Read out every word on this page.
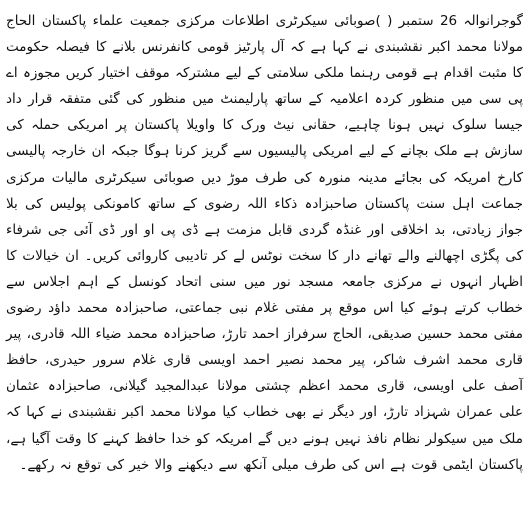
گوجرانوالہ 26 ستمبر ( )صوبائی سیکرٹری اطلاعات مرکزی جمعیت علماء پاکستان الحاج مولانا محمد اکبر نقشبندی نے کہا ہے کہ آل پارٹیز قومی کانفرنس بلانے کا فیصلہ حکومت کا مثبت اقدام ہے قومی رہنما ملکی سلامتی کے لیے مشترکہ موقف اختیار کریں مجوزہ اے پی سی میں منظور کردہ اعلامیہ کے ساتھ پارلیمنٹ میں منظور کی گئی متفقہ قرار داد جیسا سلوک نہیں ہونا چاہیے، حقانی نیٹ ورک کا واویلا پاکستان پر امریکی حملہ کی سازش ہے ملک بچانے کے لیے امریکی پالیسیوں سے گریز کرنا ہوگا جبکہ ان خارجہ پالیسی کارخ امریکہ کی بجائے مدینہ منورہ کی طرف موڑ دیں صوبائی سیکرٹری مالیات مرکزی جماعت اہل سنت پاکستان صاحبزادہ ذکاء اللہ رضوی کے ساتھ کامونکی پولیس کی بلا جواز زیادتی، بد اخلاقی اور غنڈہ گردی قابل مزمت ہے ڈی پی او اور ڈی آئی جی شرفاء کی پگڑی اچھالنے والے تھانے دار کا سخت نوٹس لے کر تادیبی کاروائی کریں۔ ان خیالات کا اظہار انہوں نے مرکزی جامعہ مسجد نور میں سنی اتحاد کونسل کے اہم اجلاس سے خطاب کرتے ہوئے کیا اس موقع پر مفتی غلام نبی جماعتی، صاحبزادہ محمد داؤد رضوی مفتی محمد حسین صدیقی، الحاج سرفراز احمد تارڑ، صاحبزادہ محمد ضیاء اللہ قادری، پیر قاری محمد اشرف شاکر، پیر محمد نصیر احمد اویسی قاری غلام سرور حیدری، حافظ آصف علی اویسی، قاری محمد اعظم چشتی مولانا عبدالمجید گیلانی، صاحبزادہ عثمان علی عمران شہزاد تارڑ، اور دیگر نے بھی خطاب کیا مولانا محمد اکبر نقشبندی نے کہا کہ ملک میں سیکولر نظام نافذ نہیں ہونے دیں گے امریکہ کو خدا حافظ کہنے کا وقت آگیا ہے، پاکستان ایٹمی قوت ہے اس کی طرف میلی آنکھ سے دیکھنے والا خیر کی توقع نہ رکھے۔
